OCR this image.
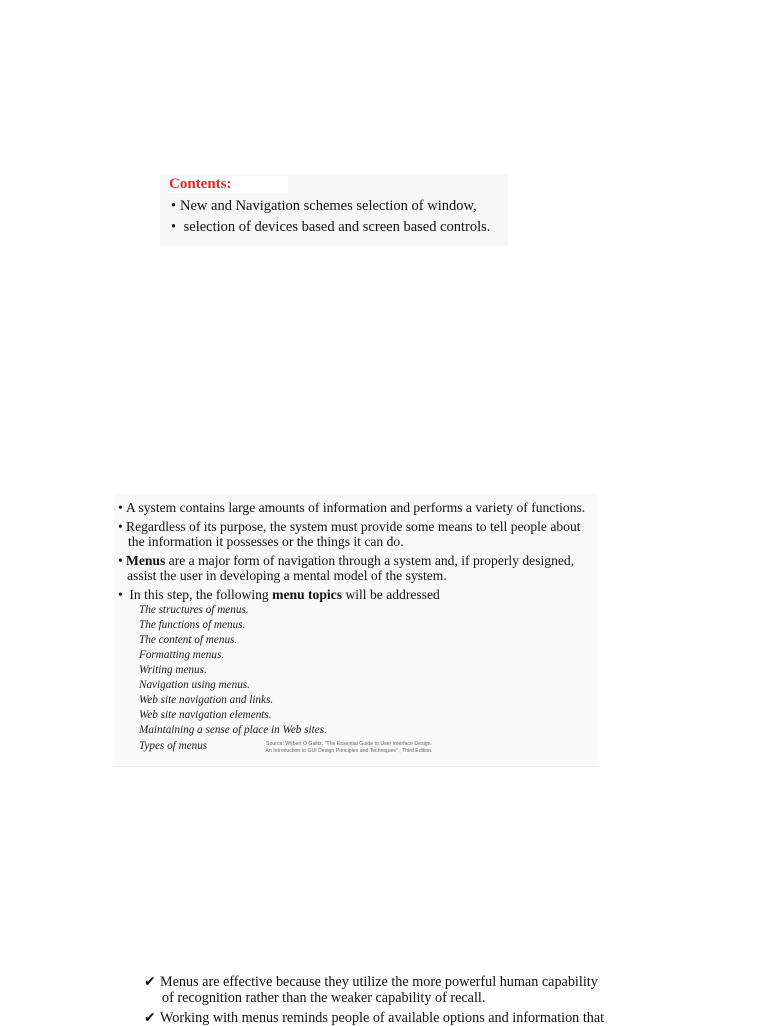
Contents:
• New and Navigation schemes selection of window,
• selection of devices based and screen based controls.
• A system contains large amounts of information and performs a variety of functions.
• Regardless of its purpose, the system must provide some means to tell people about
the information it possesses or the things it can do.
• Menus are a major form of navigation through a system and, if properly designed,
assist the user in developing a mental model of the system.
• In this step, the following menu topics will be addressed
The structures of menus.
The functions of menus.
The content of menus.
Formatting menus.
Writing menus.
Navigation using menus.
Web site navigation and links.
Web site navigation elements.
Maintaining a sense of place in Web sites.
Types of menus	Source: Wilbert O Galitz, "The Essential Guide to User Interface Design. An Introduction to GUI Design Principles and Techniques" , Third Edition.
✔ Menus are effective because they utilize the more powerful human capability
of recognition rather than the weaker capability of recall.
✔ Working with menus reminds people of available options and information that
